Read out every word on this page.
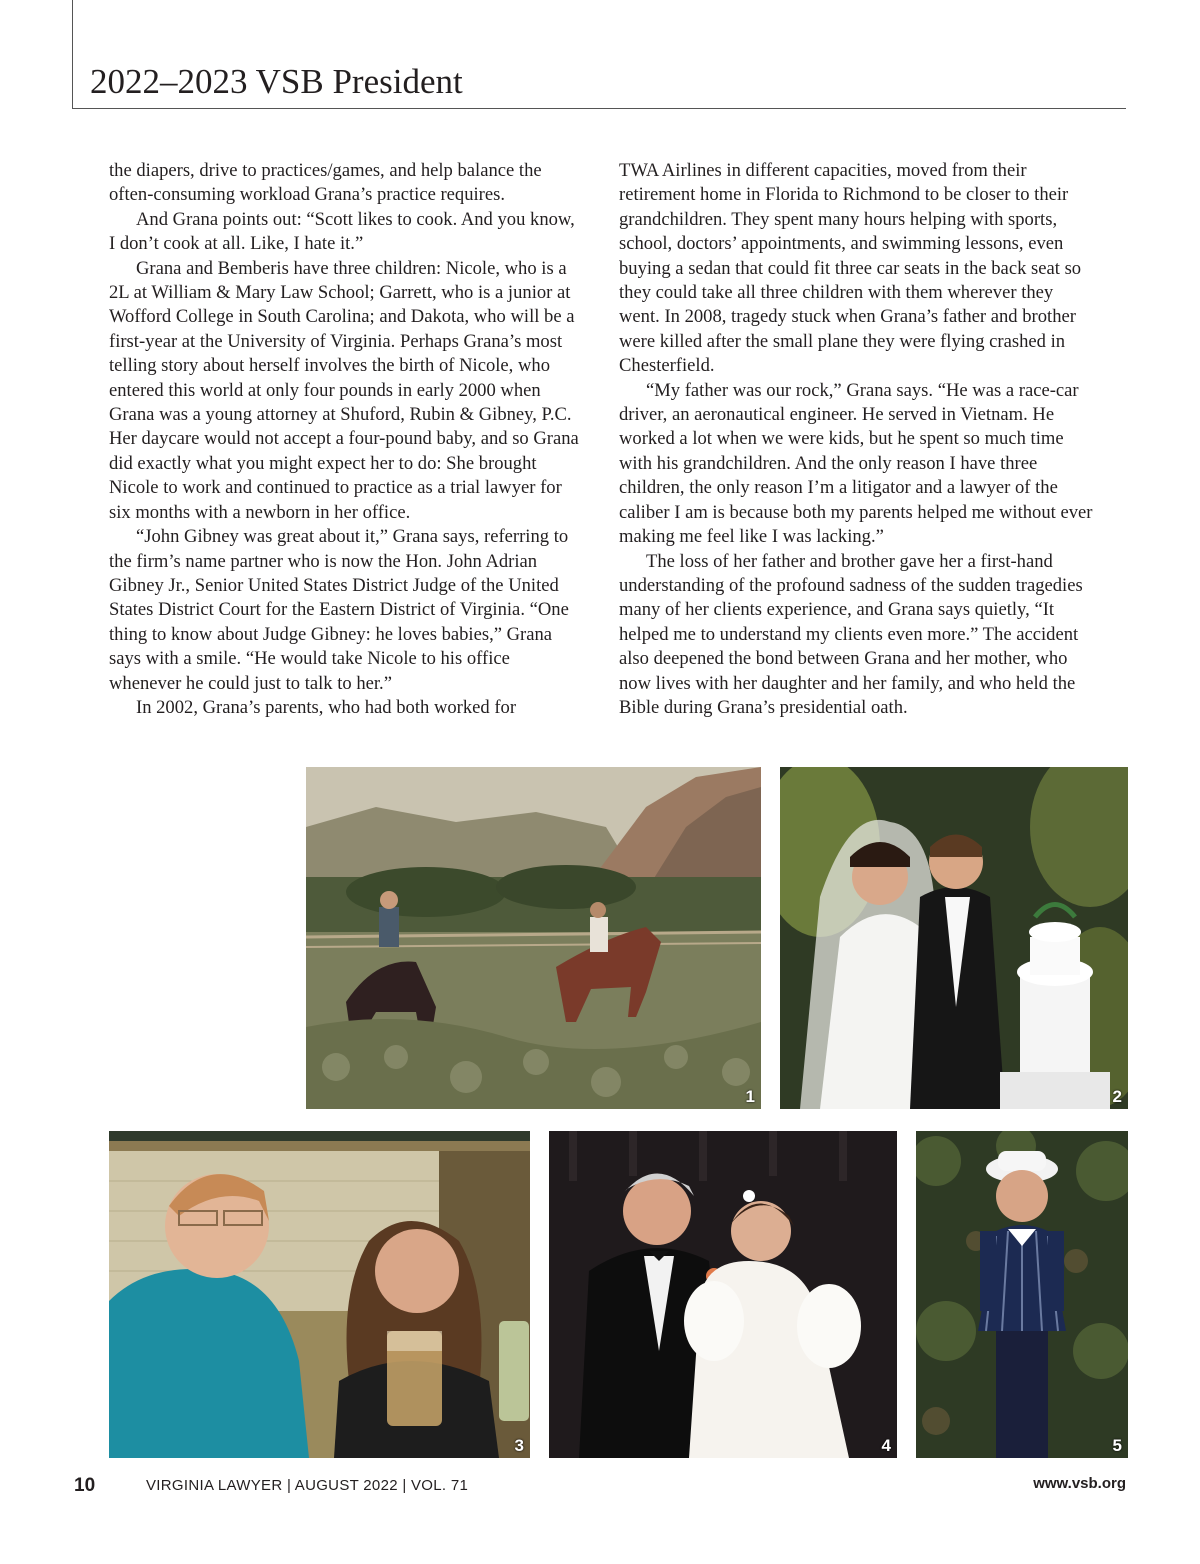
2022–2023 VSB President

the diapers, drive to practices/games, and help balance the often-consuming workload Grana’s practice requires.

And Grana points out: “Scott likes to cook. And you know, I don’t cook at all. Like, I hate it.”

Grana and Bemberis have three children: Nicole, who is a 2L at William & Mary Law School; Garrett, who is a junior at Wofford College in South Carolina; and Dakota, who will be a first-year at the University of Virginia. Perhaps Grana’s most telling story about herself involves the birth of Nicole, who entered this world at only four pounds in early 2000 when Grana was a young attorney at Shuford, Rubin & Gibney, P.C. Her daycare would not accept a four-pound baby, and so Grana did exactly what you might expect her to do: She brought Nicole to work and continued to practice as a trial lawyer for six months with a newborn in her office.

“John Gibney was great about it,” Grana says, referring to the firm’s name partner who is now the Hon. John Adrian Gibney Jr., Senior United States District Judge of the United States District Court for the Eastern District of Virginia. “One thing to know about Judge Gibney: he loves babies,” Grana says with a smile. “He would take Nicole to his office whenever he could just to talk to her.”

In 2002, Grana’s parents, who had both worked for

TWA Airlines in different capacities, moved from their retirement home in Florida to Richmond to be closer to their grandchildren. They spent many hours helping with sports, school, doctors’ appointments, and swimming lessons, even buying a sedan that could fit three car seats in the back seat so they could take all three children with them wherever they went. In 2008, tragedy stuck when Grana’s father and brother were killed after the small plane they were flying crashed in Chesterfield.

“My father was our rock,” Grana says. “He was a race-car driver, an aeronautical engineer. He served in Vietnam. He worked a lot when we were kids, but he spent so much time with his grandchildren. And the only reason I have three children, the only reason I’m a litigator and a lawyer of the caliber I am is because both my parents helped me without ever making me feel like I was lacking.”

The loss of her father and brother gave her a first-hand understanding of the profound sadness of the sudden tragedies many of her clients experience, and Grana says quietly, “It helped me to understand my clients even more.” The accident also deepened the bond between Grana and her mother, who now lives with her daughter and her family, and who held the Bible during Grana’s presidential oath.

1	2
3	4	5
10	VIRGINIA LAWYER | AUGUST 2022 | VOL. 71	www.vsb.org
